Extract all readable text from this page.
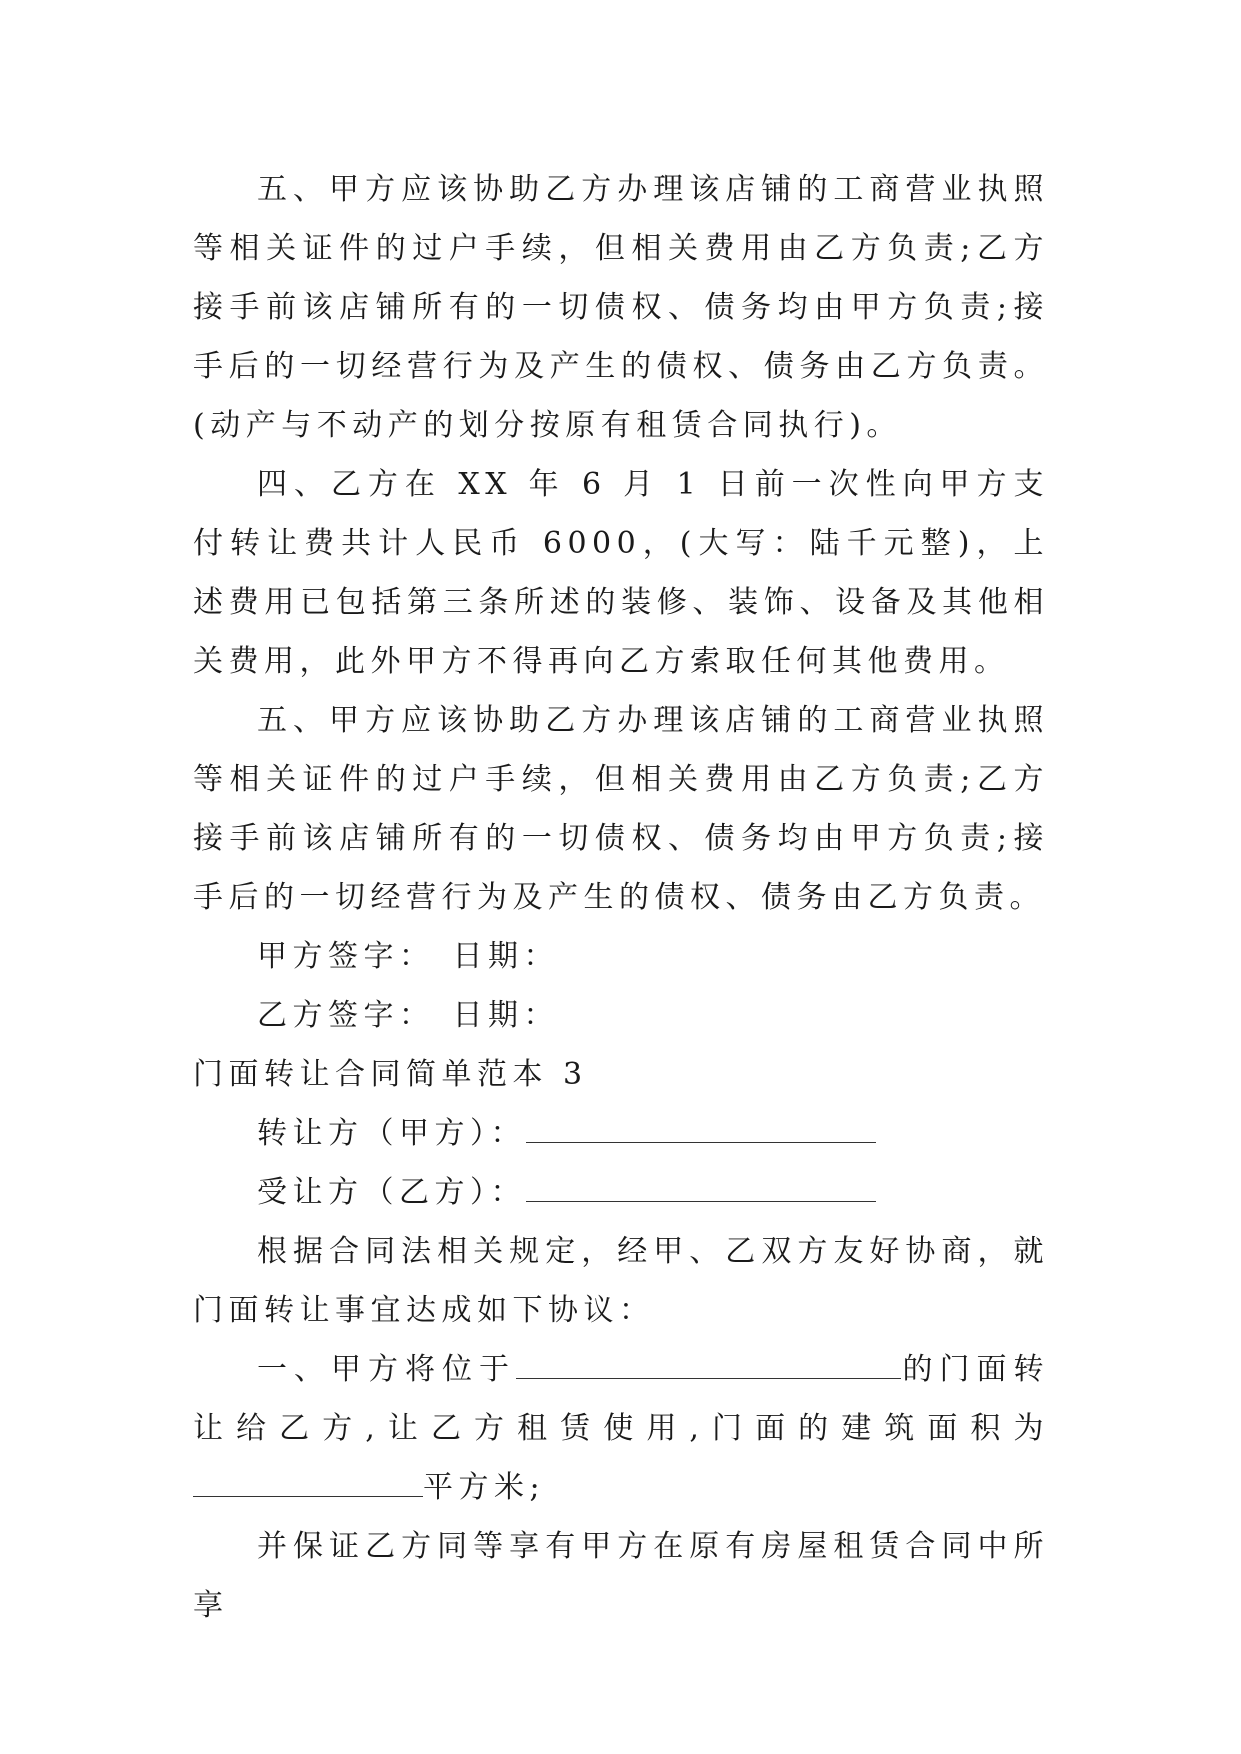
五、甲方应该协助乙方办理该店铺的工商营业执照等相关证件的过户手续，但相关费用由乙方负责;乙方接手前该店铺所有的一切债权、债务均由甲方负责;接手后的一切经营行为及产生的债权、债务由乙方负责。(动产与不动产的划分按原有租赁合同执行)。

四、乙方在 XX 年 6 月 1 日前一次性向甲方支付转让费共计人民币 6000，(大写：陆千元整)，上述费用已包括第三条所述的装修、装饰、设备及其他相关费用，此外甲方不得再向乙方索取任何其他费用。

五、甲方应该协助乙方办理该店铺的工商营业执照等相关证件的过户手续，但相关费用由乙方负责;乙方接手前该店铺所有的一切债权、债务均由甲方负责;接手后的一切经营行为及产生的债权、债务由乙方负责。

甲方签字： 日期：

乙方签字： 日期：

门面转让合同简单范本 3

转让方（甲方）：

受让方（乙方）：

根据合同法相关规定，经甲、乙双方友好协商，就门面转让事宜达成如下协议：

一、甲方将位于	的门面转让给乙方,让乙方租赁使用,门面的建筑面积为平方米;

并保证乙方同等享有甲方在原有房屋租赁合同中所享
